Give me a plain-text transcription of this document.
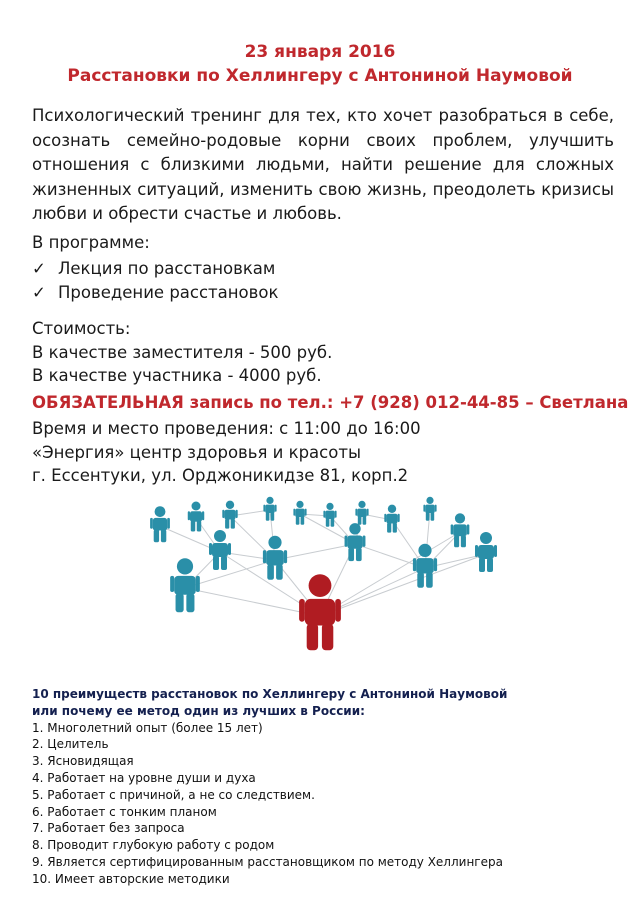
23 января 2016
Расстановки по Хеллингеру с Антониной Наумовой
Психологический тренинг для тех, кто хочет разобраться в себе, осознать семейно-родовые корни своих проблем, улучшить отношения с близкими людьми, найти решение для сложных жизненных ситуаций, изменить свою жизнь, преодолеть кризисы любви и обрести счастье и любовь.
В программе:
✓ Лекция по расстановкам
✓ Проведение расстановок
Стоимость:
В качестве заместителя - 500 руб.
В качестве участника - 4000 руб.
ОБЯЗАТЕЛЬНАЯ запись по тел.: +7 (928) 012-44-85 – Светлана
Время и место проведения: с 11:00 до 16:00
«Энергия» центр здоровья и красоты
г. Ессентуки, ул. Орджоникидзе 81, корп.2
10 преимуществ расстановок по Хеллингеру с Антониной Наумовой
или почему ее метод один из лучших в России:
1. Многолетний опыт (более 15 лет)
2. Целитель
3. Ясновидящая
4. Работает на уровне души и духа
5. Работает с причиной, а не со следствием.
6. Работает с тонким планом
7. Работает без запроса
8. Проводит глубокую работу с родом
9. Является сертифицированным расстановщиком по методу Хеллингера
10. Имеет авторские методики
